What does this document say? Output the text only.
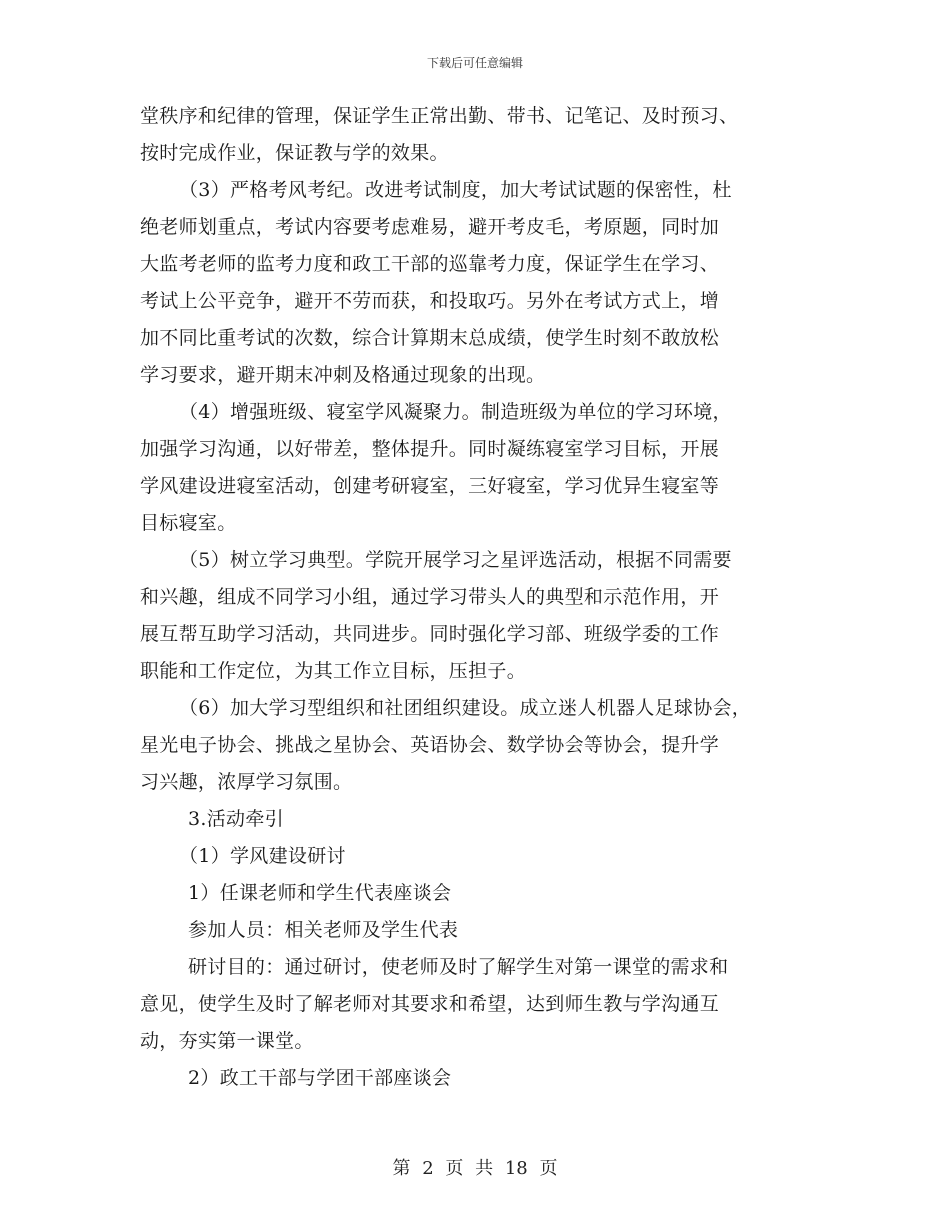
下载后可任意编辑
堂秩序和纪律的管理，保证学生正常出勤、带书、记笔记、及时预习、
按时完成作业，保证教与学的效果。
（3）严格考风考纪。改进考试制度，加大考试试题的保密性，杜
绝老师划重点，考试内容要考虑难易，避开考皮毛，考原题，同时加
大监考老师的监考力度和政工干部的巡靠考力度，保证学生在学习、
考试上公平竞争，避开不劳而获，和投取巧。另外在考试方式上，增
加不同比重考试的次数，综合计算期末总成绩，使学生时刻不敢放松
学习要求，避开期末冲刺及格通过现象的出现。
（4）增强班级、寝室学风凝聚力。制造班级为单位的学习环境，
加强学习沟通，以好带差，整体提升。同时凝练寝室学习目标，开展
学风建设进寝室活动，创建考研寝室，三好寝室，学习优异生寝室等
目标寝室。
（5）树立学习典型。学院开展学习之星评选活动，根据不同需要
和兴趣，组成不同学习小组，通过学习带头人的典型和示范作用，开
展互帮互助学习活动，共同进步。同时强化学习部、班级学委的工作
职能和工作定位，为其工作立目标，压担子。
（6）加大学习型组织和社团组织建设。成立迷人机器人足球协会，
星光电子协会、挑战之星协会、英语协会、数学协会等协会，提升学
习兴趣，浓厚学习氛围。
3.活动牵引
（1）学风建设研讨
1）任课老师和学生代表座谈会
参加人员：相关老师及学生代表
研讨目的：通过研讨，使老师及时了解学生对第一课堂的需求和
意见，使学生及时了解老师对其要求和希望，达到师生教与学沟通互
动，夯实第一课堂。
2）政工干部与学团干部座谈会
第 2 页 共 18 页
